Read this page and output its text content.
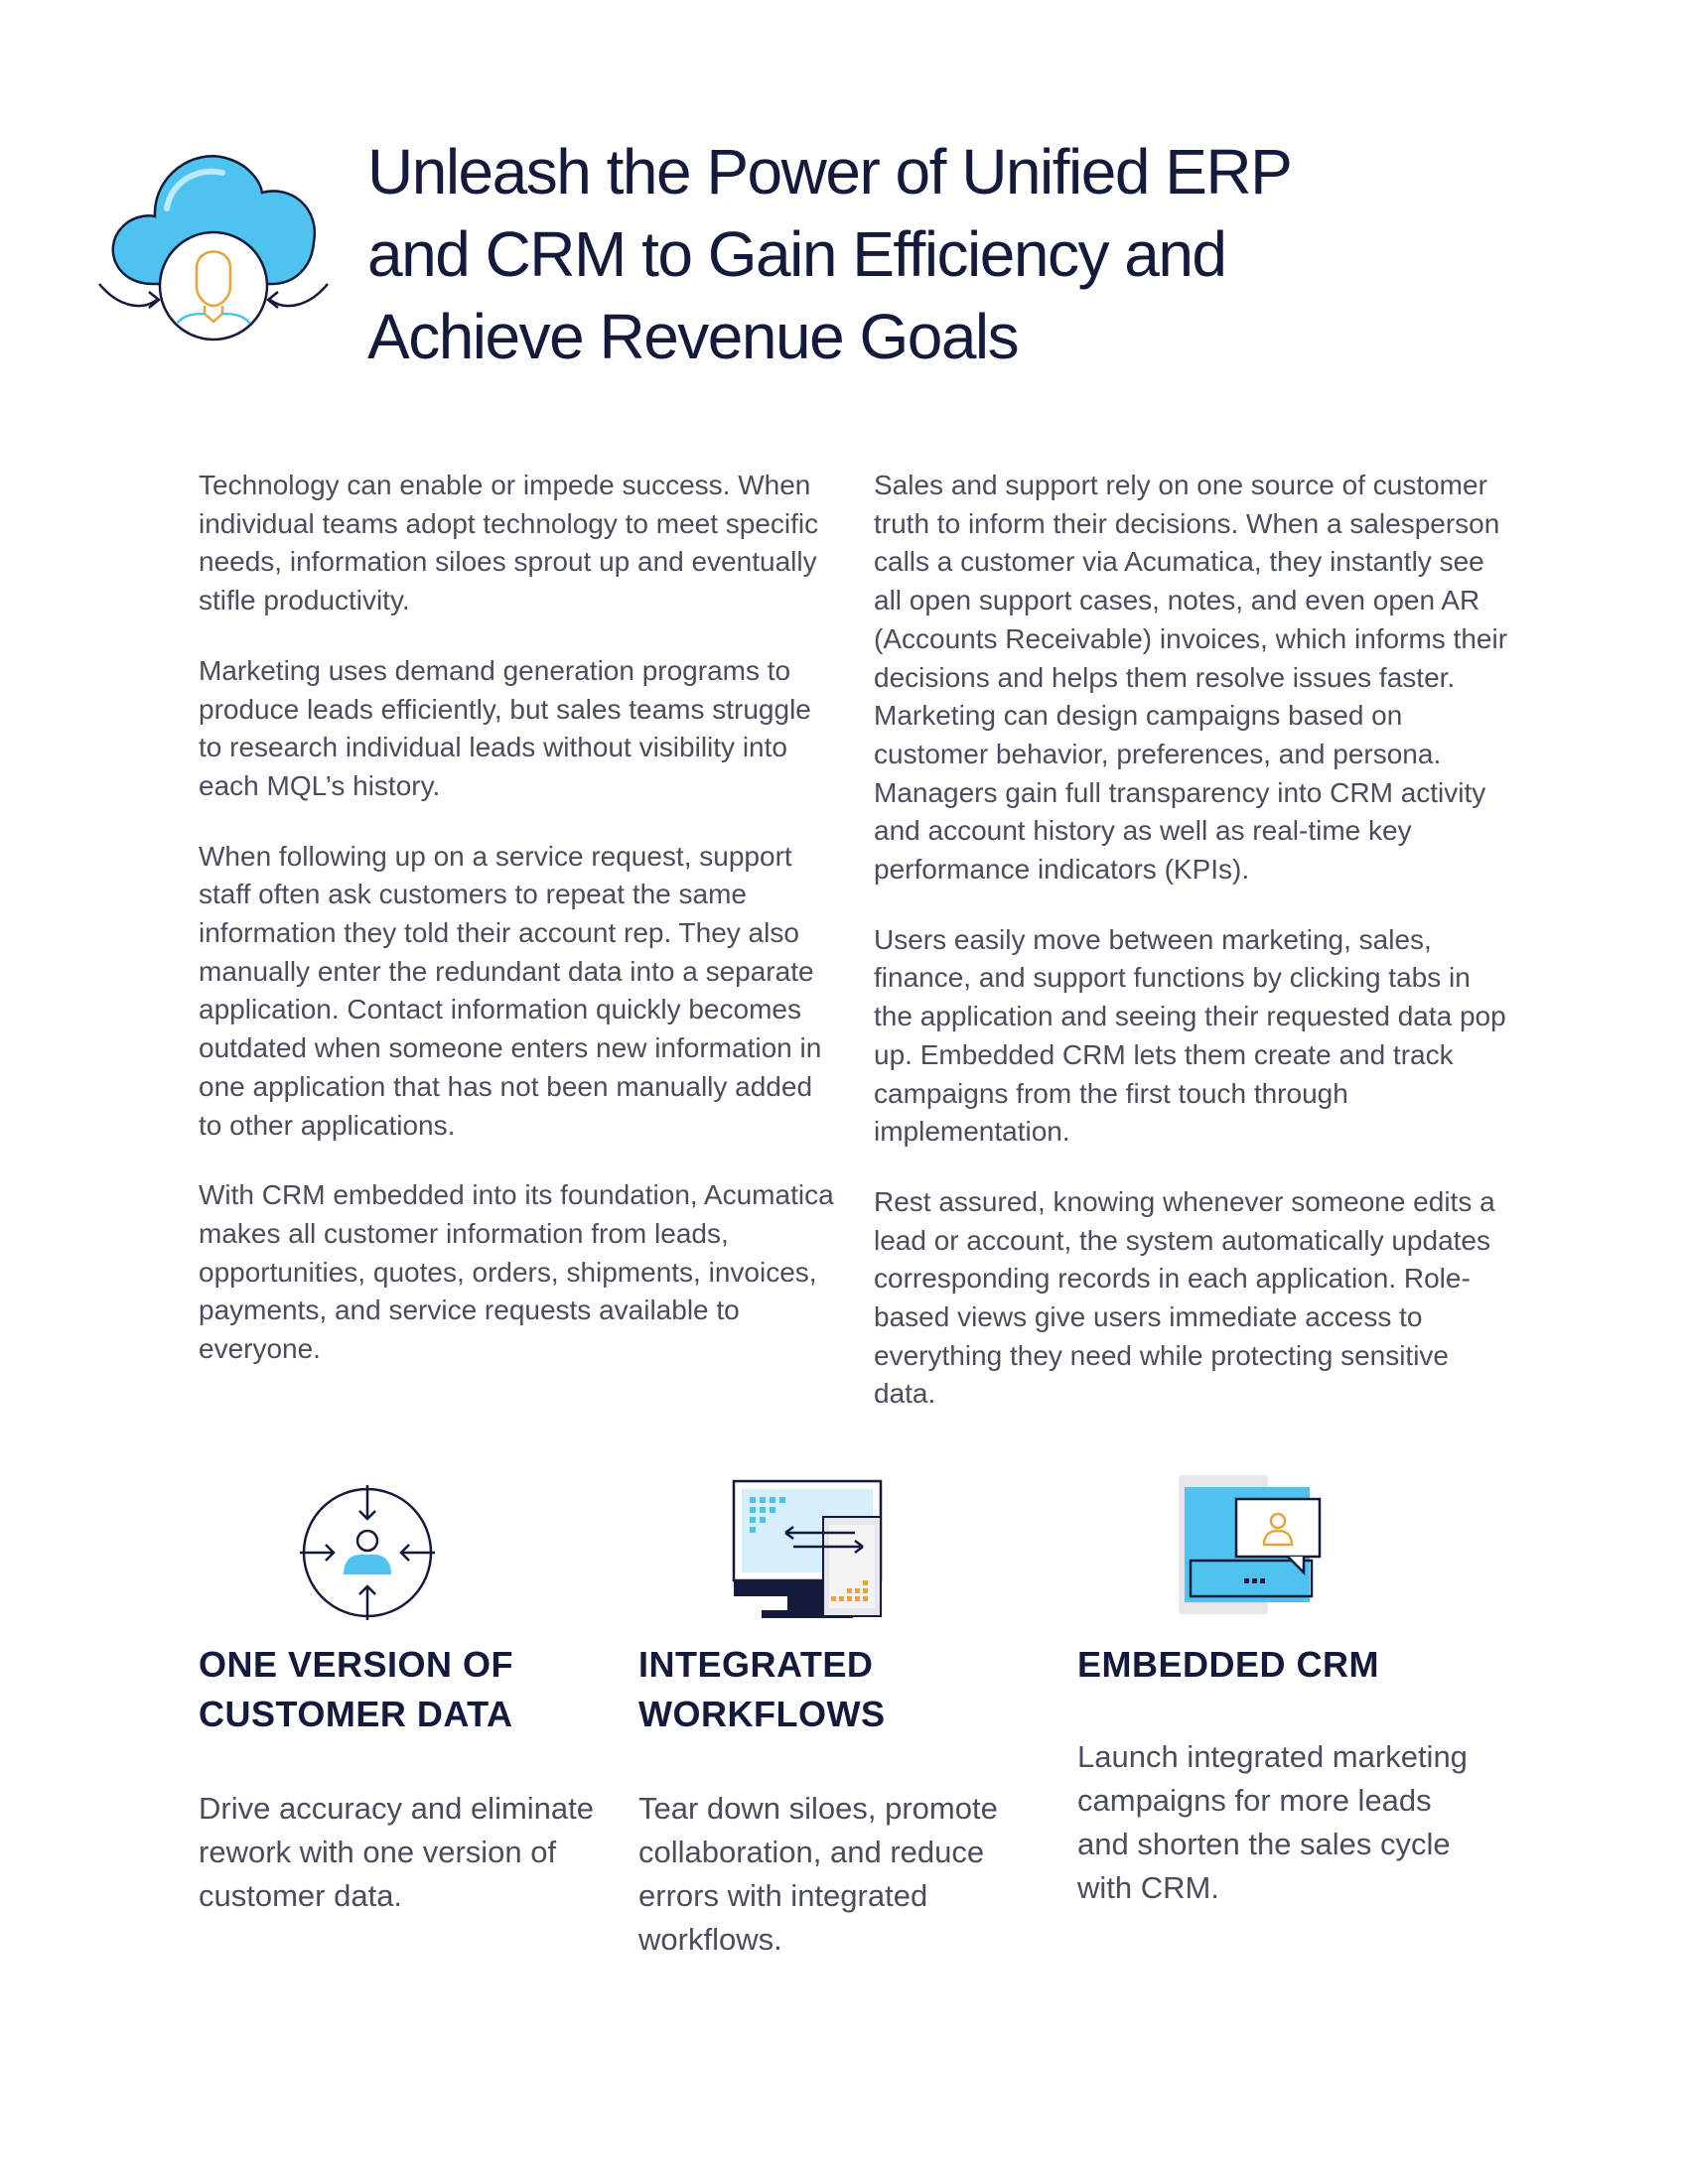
Unleash the Power of Unified ERP
and CRM to Gain Efficiency and
Achieve Revenue Goals

Technology can enable or impede success. When individual teams adopt technology to meet specific needs, information siloes sprout up and eventually stifle productivity.

Marketing uses demand generation programs to produce leads efficiently, but sales teams struggle to research individual leads without visibility into each MQL’s history.

When following up on a service request, support staff often ask customers to repeat the same information they told their account rep. They also manually enter the redundant data into a separate application. Contact information quickly becomes outdated when someone enters new information in one application that has not been manually added to other applications.

With CRM embedded into its foundation, Acumatica makes all customer information from leads, opportunities, quotes, orders, shipments, invoices, payments, and service requests available to everyone.

Sales and support rely on one source of customer truth to inform their decisions. When a salesperson calls a customer via Acumatica, they instantly see all open support cases, notes, and even open AR (Accounts Receivable) invoices, which informs their decisions and helps them resolve issues faster. Marketing can design campaigns based on customer behavior, preferences, and persona. Managers gain full transparency into CRM activity and account history as well as real-time key performance indicators (KPIs).

Users easily move between marketing, sales, finance, and support functions by clicking tabs in the application and seeing their requested data pop up. Embedded CRM lets them create and track campaigns from the first touch through implementation.

Rest assured, knowing whenever someone edits a lead or account, the system automatically updates corresponding records in each application. Role-based views give users immediate access to everything they need while protecting sensitive data.

ONE VERSION OF
CUSTOMER DATA

Drive accuracy and eliminate rework with one version of customer data.

INTEGRATED
WORKFLOWS

Tear down siloes, promote collaboration, and reduce errors with integrated workflows.

EMBEDDED CRM

Launch integrated marketing campaigns for more leads and shorten the sales cycle with CRM.
